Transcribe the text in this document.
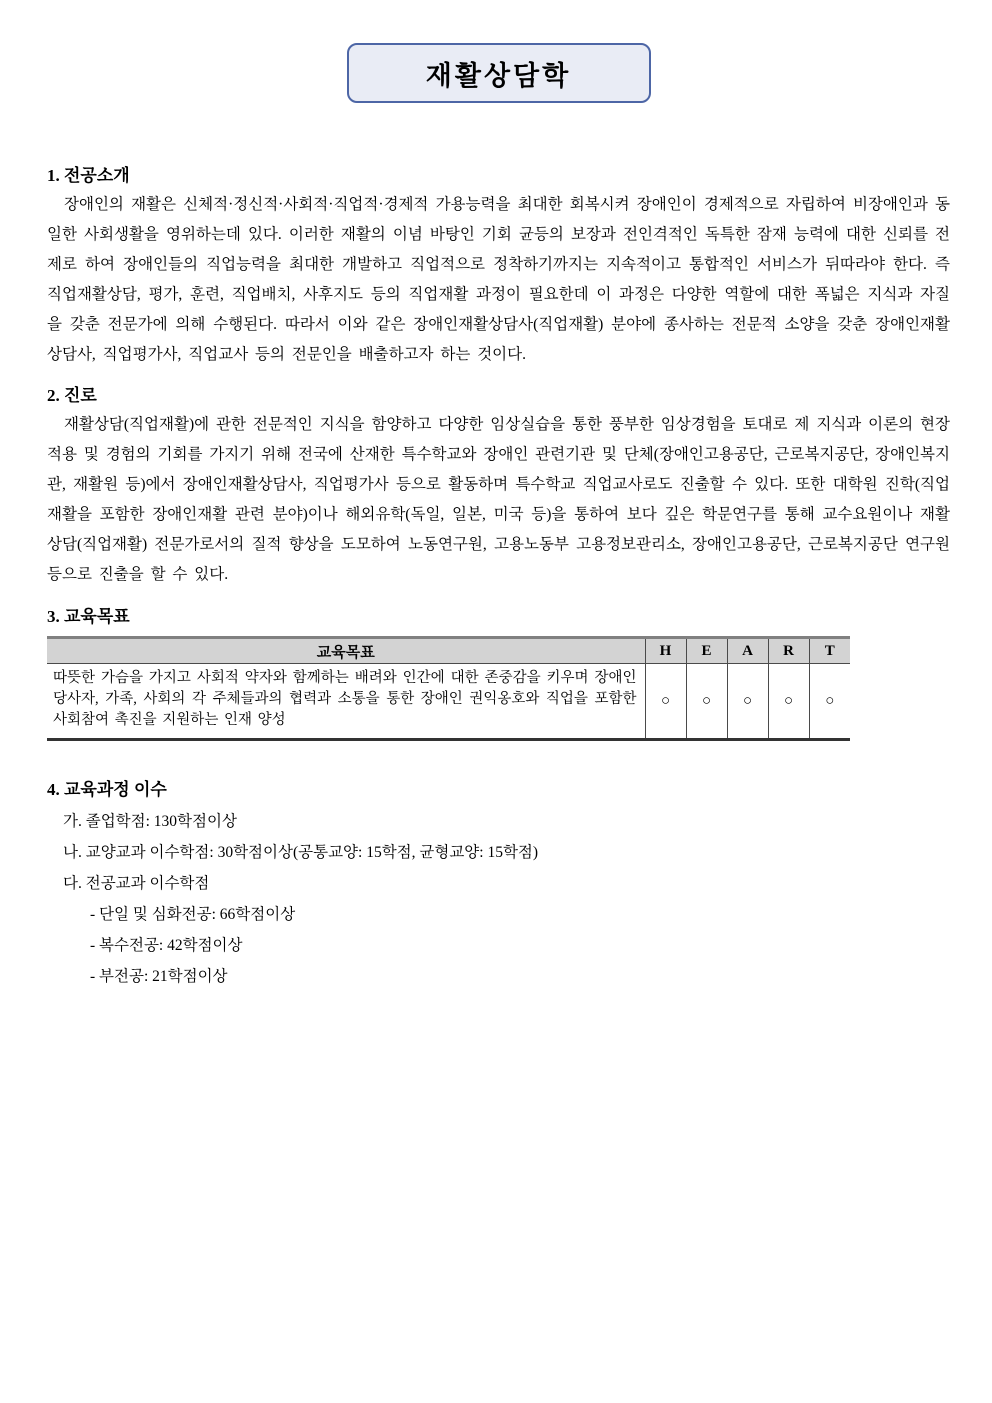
재활상담학
1. 전공소개

장애인의 재활은 신체적·정신적·사회적·직업적·경제적 가용능력을 최대한 회복시켜 장애인이 경제적으로 자립하여 비장애인과 동일한 사회생활을 영위하는데 있다. 이러한 재활의 이념 바탕인 기회 균등의 보장과 전인격적인 독특한 잠재 능력에 대한 신뢰를 전제로 하여 장애인들의 직업능력을 최대한 개발하고 직업적으로 정착하기까지는 지속적이고 통합적인 서비스가 뒤따라야 한다. 즉 직업재활상담, 평가, 훈련, 직업배치, 사후지도 등의 직업재활 과정이 필요한데 이 과정은 다양한 역할에 대한 폭넓은 지식과 자질을 갖춘 전문가에 의해 수행된다. 따라서 이와 같은 장애인재활상담사(직업재활) 분야에 종사하는 전문적 소양을 갖춘 장애인재활상담사, 직업평가사, 직업교사 등의 전문인을 배출하고자 하는 것이다.

2. 진로

재활상담(직업재활)에 관한 전문적인 지식을 함양하고 다양한 임상실습을 통한 풍부한 임상경험을 토대로 제 지식과 이론의 현장 적용 및 경험의 기회를 가지기 위해 전국에 산재한 특수학교와 장애인 관련기관 및 단체(장애인고용공단, 근로복지공단, 장애인복지관, 재활원 등)에서 장애인재활상담사, 직업평가사 등으로 활동하며 특수학교 직업교사로도 진출할 수 있다. 또한 대학원 진학(직업재활을 포함한 장애인재활 관련 분야)이나 해외유학(독일, 일본, 미국 등)을 통하여 보다 깊은 학문연구를 통해 교수요원이나 재활상담(직업재활) 전문가로서의 질적 향상을 도모하여 노동연구원, 고용노동부 고용정보관리소, 장애인고용공단, 근로복지공단 연구원 등으로 진출을 할 수 있다.

3. 교육목표
교육목표	H	E	A	R	T
따뜻한 가슴을 가지고 사회적 약자와 함께하는 배려와 인간에 대한 존중감을 키우며 장애인당사자, 가족, 사회의 각 주체들과의 협력과 소통을 통한 장애인 권익옹호와 직업을 포함한 사회참여 촉진을 지원하는 인재 양성	○	○	○	○	○
4. 교육과정 이수
가. 졸업학점: 130학점이상
나. 교양교과 이수학점: 30학점이상(공통교양: 15학점, 균형교양: 15학점)
다. 전공교과 이수학점
- 단일 및 심화전공: 66학점이상
- 복수전공: 42학점이상
- 부전공: 21학점이상
